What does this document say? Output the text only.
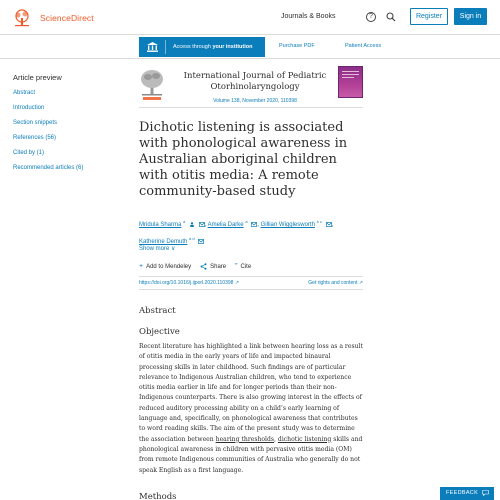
ScienceDirect	Journals & Books	?	Register	Sign in
Access through your institution	Purchase PDF	Patient Access
Article preview
Abstract
Introduction
Section snippets
References (56)
Cited by (1)
Recommended articles (6)
International Journal of Pediatric
Otorhinolaryngology
Volume 138, November 2020, 110398
Dichotic listening is associated with phonological awareness in Australian aboriginal children with otitis media: A remote community-based study
Mridula Sharma $^a$  , Amelia Darke $^a$ , Gillian Wigglesworth $^{b c}$ ,
Katherine Demuth $^{a d}$
Show more ∨
+ Add to Mendeley	Share ” Cite
https://doi.org/10.1016/j.ijporl.2020.110398 ↗	Get rights and content ↗
Abstract
Objective
Recent literature has highlighted a link between hearing loss as a result of otitis media in the early years of life and impacted binaural processing skills in later childhood. Such findings are of particular relevance to Indigenous Australian children, who tend to experience otitis media earlier in life and for longer periods than their non-Indigenous counterparts. There is also growing interest in the effects of reduced auditory processing ability on a child’s early learning of language and, specifically, on phonological awareness that contributes to word reading skills. The aim of the present study was to determine the association between hearing thresholds, dichotic listening skills and phonological awareness in children with pervasive otitis media (OM) from remote Indigenous communities of Australia who generally do not speak English as a first language.
Methods	FEEDBACK
